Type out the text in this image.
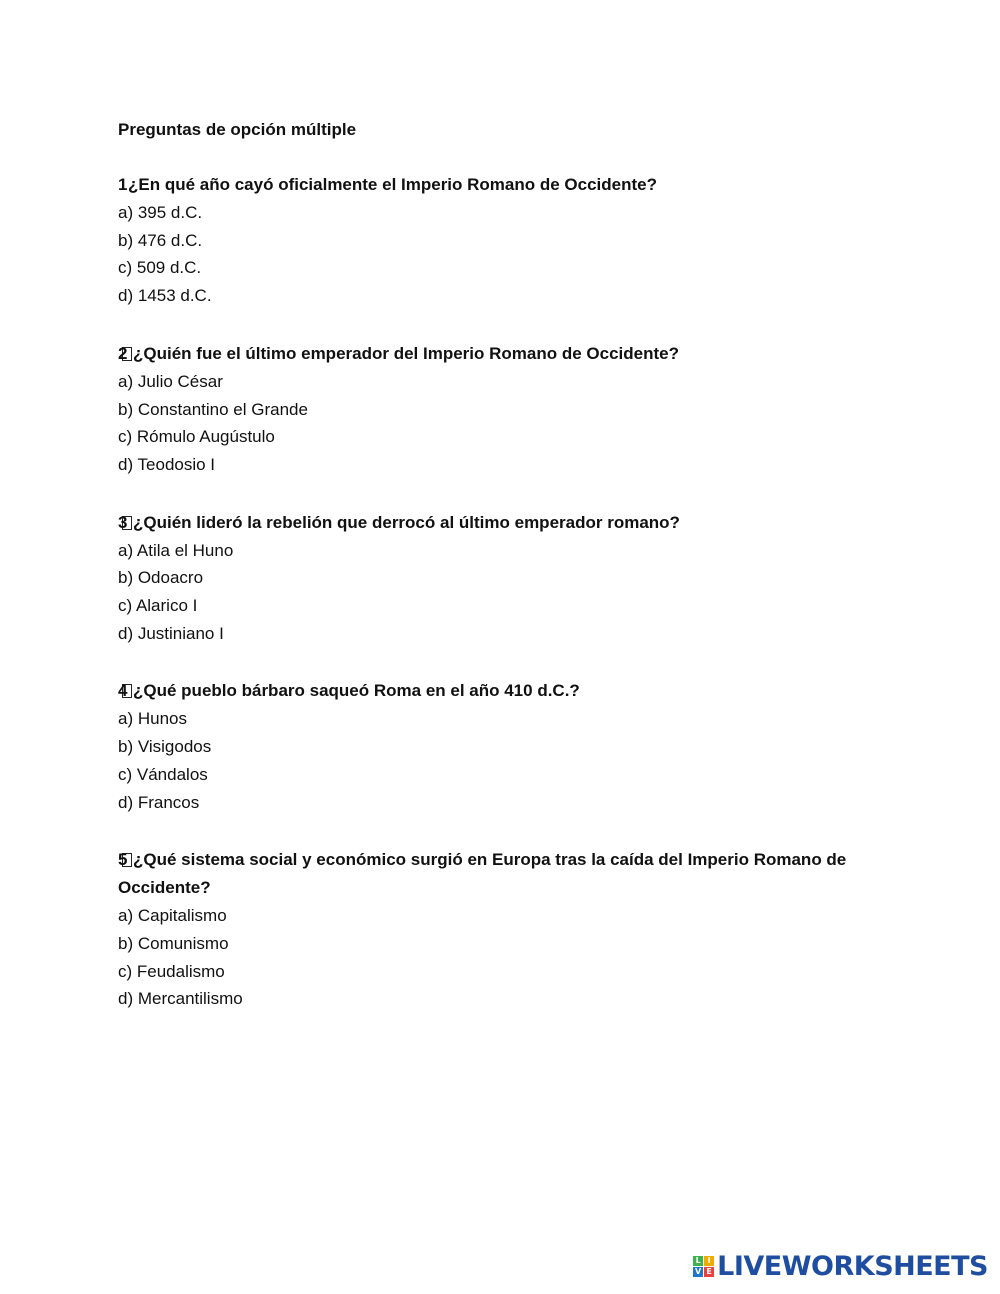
Preguntas de opción múltiple

1¿En qué año cayó oficialmente el Imperio Romano de Occidente?

a) 395 d.C.

b) 476 d.C.

c) 509 d.C.

d) 1453 d.C.

2 ¿Quién fue el último emperador del Imperio Romano de Occidente?

a) Julio César

b) Constantino el Grande

c) Rómulo Augústulo

d) Teodosio I

3 ¿Quién lideró la rebelión que derrocó al último emperador romano?

a) Atila el Huno

b) Odoacro

c) Alarico I

d) Justiniano I

4 ¿Qué pueblo bárbaro saqueó Roma en el año 410 d.C.?

a) Hunos

b) Visigodos

c) Vándalos

d) Francos

5 ¿Qué sistema social y económico surgió en Europa tras la caída del Imperio Romano de Occidente?

a) Capitalismo

b) Comunismo

c) Feudalismo

d) Mercantilismo

L I
V E LIVEWORKSHEETS
